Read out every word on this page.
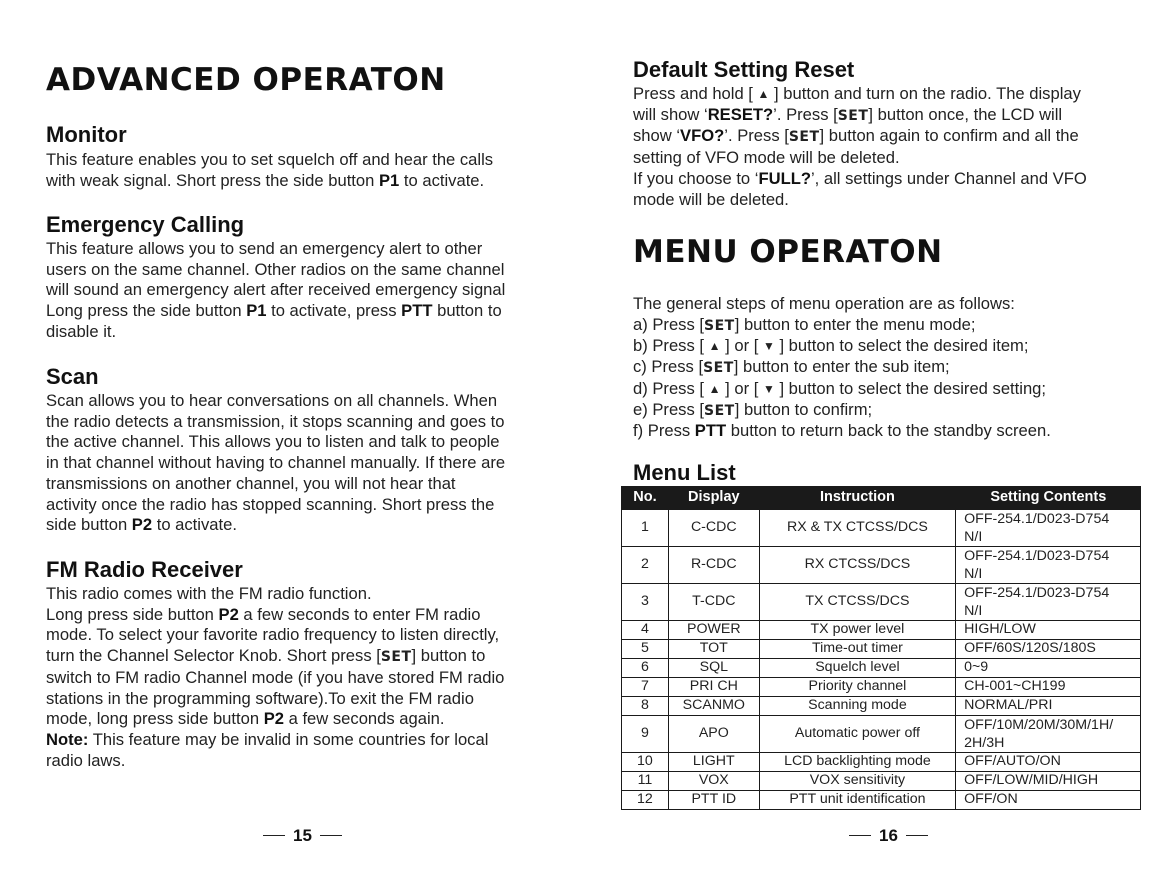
ADVANCED OPERATON
Monitor
This feature enables you to set squelch off and hear the calls
with weak signal. Short press the side button P1 to activate.
Emergency Calling
This feature allows you to send an emergency alert to other
users on the same channel. Other radios on the same channel
will sound an emergency alert after received emergency signal
Long press the side button P1 to activate, press PTT button to
disable it.
Scan
Scan allows you to hear conversations on all channels. When
the radio detects a transmission, it stops scanning and goes to
the active channel. This allows you to listen and talk to people
in that channel without having to channel manually. If there are
transmissions on another channel, you will not hear that
activity once the radio has stopped scanning. Short press the
side button P2 to activate.
FM Radio Receiver
This radio comes with the FM radio function.
Long press side button P2 a few seconds to enter FM radio
mode. To select your favorite radio frequency to listen directly,
turn the Channel Selector Knob. Short press [SET] button to
switch to FM radio Channel mode (if you have stored FM radio
stations in the programming software).To exit the FM radio
mode, long press side button P2 a few seconds again.
Note: This feature may be invalid in some countries for local
radio laws.
15
Default Setting Reset
Press and hold [ ▲ ] button and turn on the radio. The display
will show ‘RESET?’. Press [SET] button once, the LCD will
show ‘VFO?’. Press [SET] button again to confirm and all the
setting of VFO mode will be deleted.
If you choose to ‘FULL?’, all settings under Channel and VFO
mode will be deleted.
MENU OPERATON
The general steps of menu operation are as follows:
a) Press [SET] button to enter the menu mode;
b) Press [ ▲ ] or [ ▼ ] button to select the desired item;
c) Press [SET] button to enter the sub item;
d) Press [ ▲ ] or [ ▼ ] button to select the desired setting;
e) Press [SET] button to confirm;
f) Press PTT button to return back to the standby screen.
Menu List
No.	Display	Instruction	Setting Contents
1	C-CDC	RX & TX CTCSS/DCS	OFF-254.1/D023-D754
N/I

2	R-CDC	RX CTCSS/DCS	OFF-254.1/D023-D754
N/I

3	T-CDC	TX CTCSS/DCS	OFF-254.1/D023-D754
N/I

4	POWER	TX power level	HIGH/LOW
5	TOT	Time-out timer	OFF/60S/120S/180S
6	SQL	Squelch level	0~9
7	PRI CH	Priority channel	CH-001~CH199
8	SCANMO	Scanning mode	NORMAL/PRI
9	APO	Automatic power off	OFF/10M/20M/30M/1H/
2H/3H

10	LIGHT	LCD backlighting mode	OFF/AUTO/ON
11	VOX	VOX sensitivity	OFF/LOW/MID/HIGH
12	PTT ID	PTT unit identification	OFF/ON
16
